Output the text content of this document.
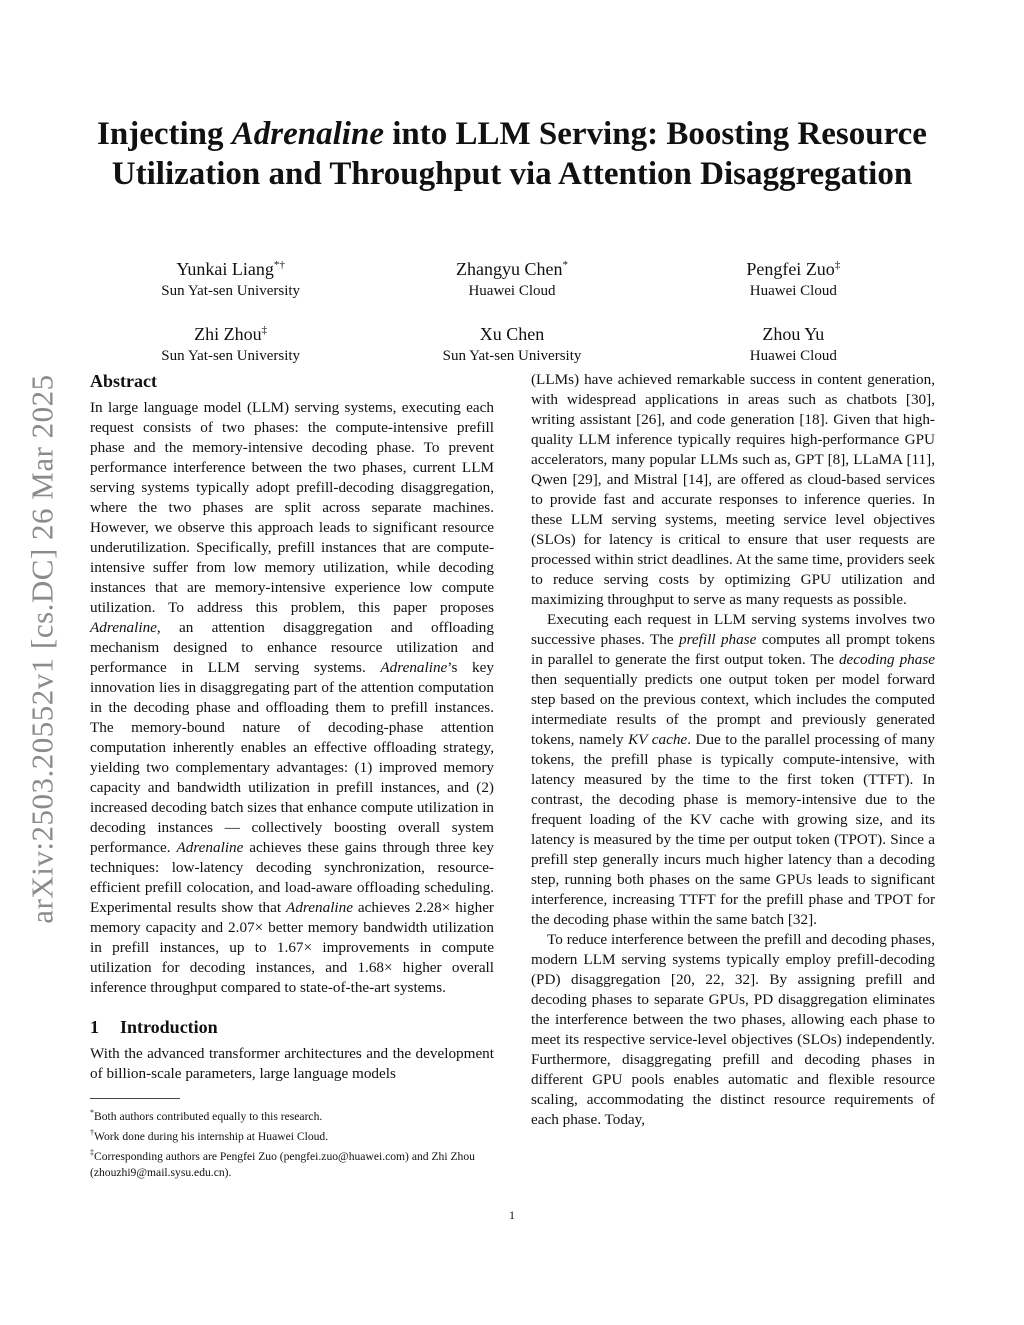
arXiv:2503.20552v1 [cs.DC] 26 Mar 2025
Injecting Adrenaline into LLM Serving: Boosting Resource Utilization and Throughput via Attention Disaggregation
Yunkai Liang*†
Sun Yat-sen University
Zhangyu Chen*
Huawei Cloud
Pengfei Zuo‡
Huawei Cloud
Zhi Zhou‡
Sun Yat-sen University
Xu Chen
Sun Yat-sen University
Zhou Yu
Huawei Cloud
Abstract

In large language model (LLM) serving systems, executing each request consists of two phases: the compute-intensive prefill phase and the memory-intensive decoding phase. To prevent performance interference between the two phases, current LLM serving systems typically adopt prefill-decoding disaggregation, where the two phases are split across separate machines. However, we observe this approach leads to significant resource underutilization. Specifically, prefill instances that are compute-intensive suffer from low memory utilization, while decoding instances that are memory-intensive experience low compute utilization. To address this problem, this paper proposes Adrenaline, an attention disaggregation and offloading mechanism designed to enhance resource utilization and performance in LLM serving systems. Adrenaline’s key innovation lies in disaggregating part of the attention computation in the decoding phase and offloading them to prefill instances. The memory-bound nature of decoding-phase attention computation inherently enables an effective offloading strategy, yielding two complementary advantages: (1) improved memory capacity and bandwidth utilization in prefill instances, and (2) increased decoding batch sizes that enhance compute utilization in decoding instances — collectively boosting overall system performance. Adrenaline achieves these gains through three key techniques: low-latency decoding synchronization, resource-efficient prefill colocation, and load-aware offloading scheduling. Experimental results show that Adrenaline achieves 2.28× higher memory capacity and 2.07× better memory bandwidth utilization in prefill instances, up to 1.67× improvements in compute utilization for decoding instances, and 1.68× higher overall inference throughput compared to state-of-the-art systems.

1 Introduction

With the advanced transformer architectures and the development of billion-scale parameters, large language models

*Both authors contributed equally to this research.
†Work done during his internship at Huawei Cloud.
‡Corresponding authors are Pengfei Zuo (pengfei.zuo@huawei.com) and Zhi Zhou (zhouzhi9@mail.sysu.edu.cn).

(LLMs) have achieved remarkable success in content generation, with widespread applications in areas such as chatbots [30], writing assistant [26], and code generation [18]. Given that high-quality LLM inference typically requires high-performance GPU accelerators, many popular LLMs such as, GPT [8], LLaMA [11], Qwen [29], and Mistral [14], are offered as cloud-based services to provide fast and accurate responses to inference queries. In these LLM serving systems, meeting service level objectives (SLOs) for latency is critical to ensure that user requests are processed within strict deadlines. At the same time, providers seek to reduce serving costs by optimizing GPU utilization and maximizing throughput to serve as many requests as possible.

Executing each request in LLM serving systems involves two successive phases. The prefill phase computes all prompt tokens in parallel to generate the first output token. The decoding phase then sequentially predicts one output token per model forward step based on the previous context, which includes the computed intermediate results of the prompt and previously generated tokens, namely KV cache. Due to the parallel processing of many tokens, the prefill phase is typically compute-intensive, with latency measured by the time to the first token (TTFT). In contrast, the decoding phase is memory-intensive due to the frequent loading of the KV cache with growing size, and its latency is measured by the time per output token (TPOT). Since a prefill step generally incurs much higher latency than a decoding step, running both phases on the same GPUs leads to significant interference, increasing TTFT for the prefill phase and TPOT for the decoding phase within the same batch [32].

To reduce interference between the prefill and decoding phases, modern LLM serving systems typically employ prefill-decoding (PD) disaggregation [20, 22, 32]. By assigning prefill and decoding phases to separate GPUs, PD disaggregation eliminates the interference between the two phases, allowing each phase to meet its respective service-level objectives (SLOs) independently. Furthermore, disaggregating prefill and decoding phases in different GPU pools enables automatic and flexible resource scaling, accommodating the distinct resource requirements of each phase. Today,

1
